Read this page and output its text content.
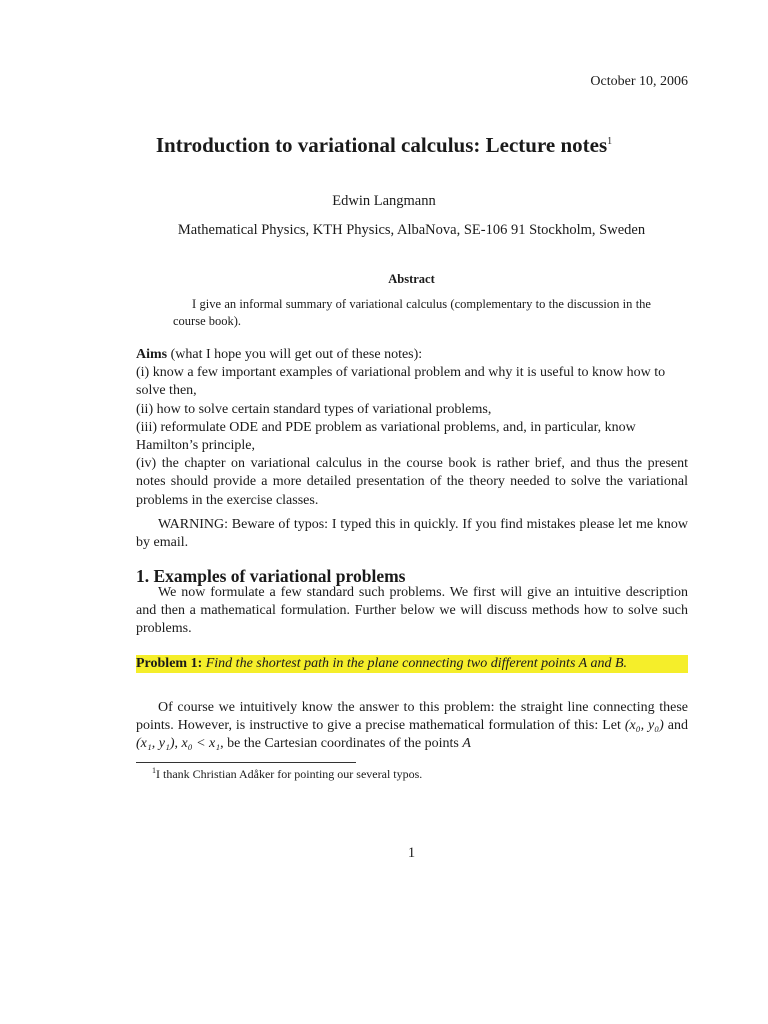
October 10, 2006
Introduction to variational calculus: Lecture notes$^1$
Edwin Langmann
Mathematical Physics, KTH Physics, AlbaNova, SE-106 91 Stockholm, Sweden
Abstract
I give an informal summary of variational calculus (complementary to the discussion in the course book).
Aims (what I hope you will get out of these notes):
(i) know a few important examples of variational problem and why it is useful to know how to solve then,
(ii) how to solve certain standard types of variational problems,
(iii) reformulate ODE and PDE problem as variational problems, and, in particular, know Hamilton’s principle,
(iv) the chapter on variational calculus in the course book is rather brief, and thus the present notes should provide a more detailed presentation of the theory needed to solve the variational problems in the exercise classes.
WARNING: Beware of typos: I typed this in quickly. If you find mistakes please let me know by email.
1. Examples of variational problems
We now formulate a few standard such problems. We first will give an intuitive description and then a mathematical formulation. Further below we will discuss methods how to solve such problems.
Problem 1: Find the shortest path in the plane connecting two different points A and B.
Of course we intuitively know the answer to this problem: the straight line connecting these points. However, is instructive to give a precise mathematical formulation of this: Let (x₀, y₀) and (x₁, y₁), x₀ < x₁, be the Cartesian coordinates of the points A
$^1$I thank Christian Adåker for pointing our several typos.
1
